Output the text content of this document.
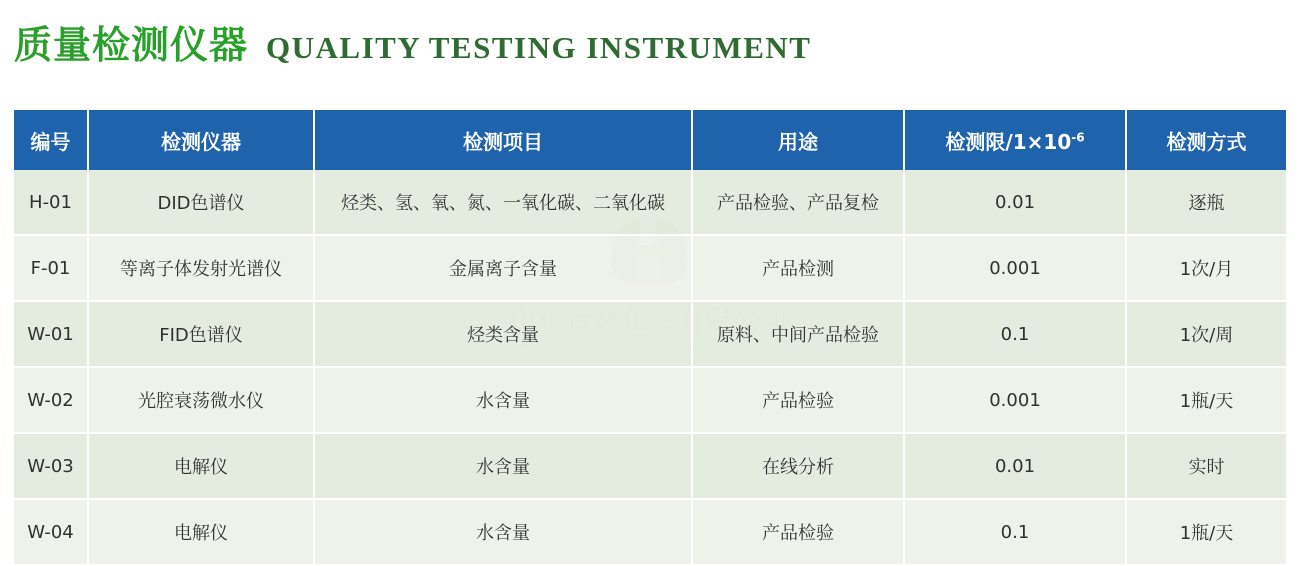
质量检测仪器 QUALITY TESTING INSTRUMENT
编号	检测仪器	检测项目	用途	检测限$/1\times 10^{-6}$	检测方式
H-01	DID色谱仪	烃类、氢、氧、氮、一氧化碳、二氧化碳	产品检验、产品复检	0.01	逐瓶
F-01	等离子体发射光谱仪	金属离子含量	产品检测	0.001	1次/月
W-01	FID色谱仪	烃类含量	原料、中间产品检验	0.1	1次/周
W-02	光腔衰荡微水仪	水含量	产品检验	0.001	1瓶/天
W-03	电解仪	水含量	在线分析	0.01	实时
W-04	电解仪	水含量	产品检验	0.1	1瓶/天
